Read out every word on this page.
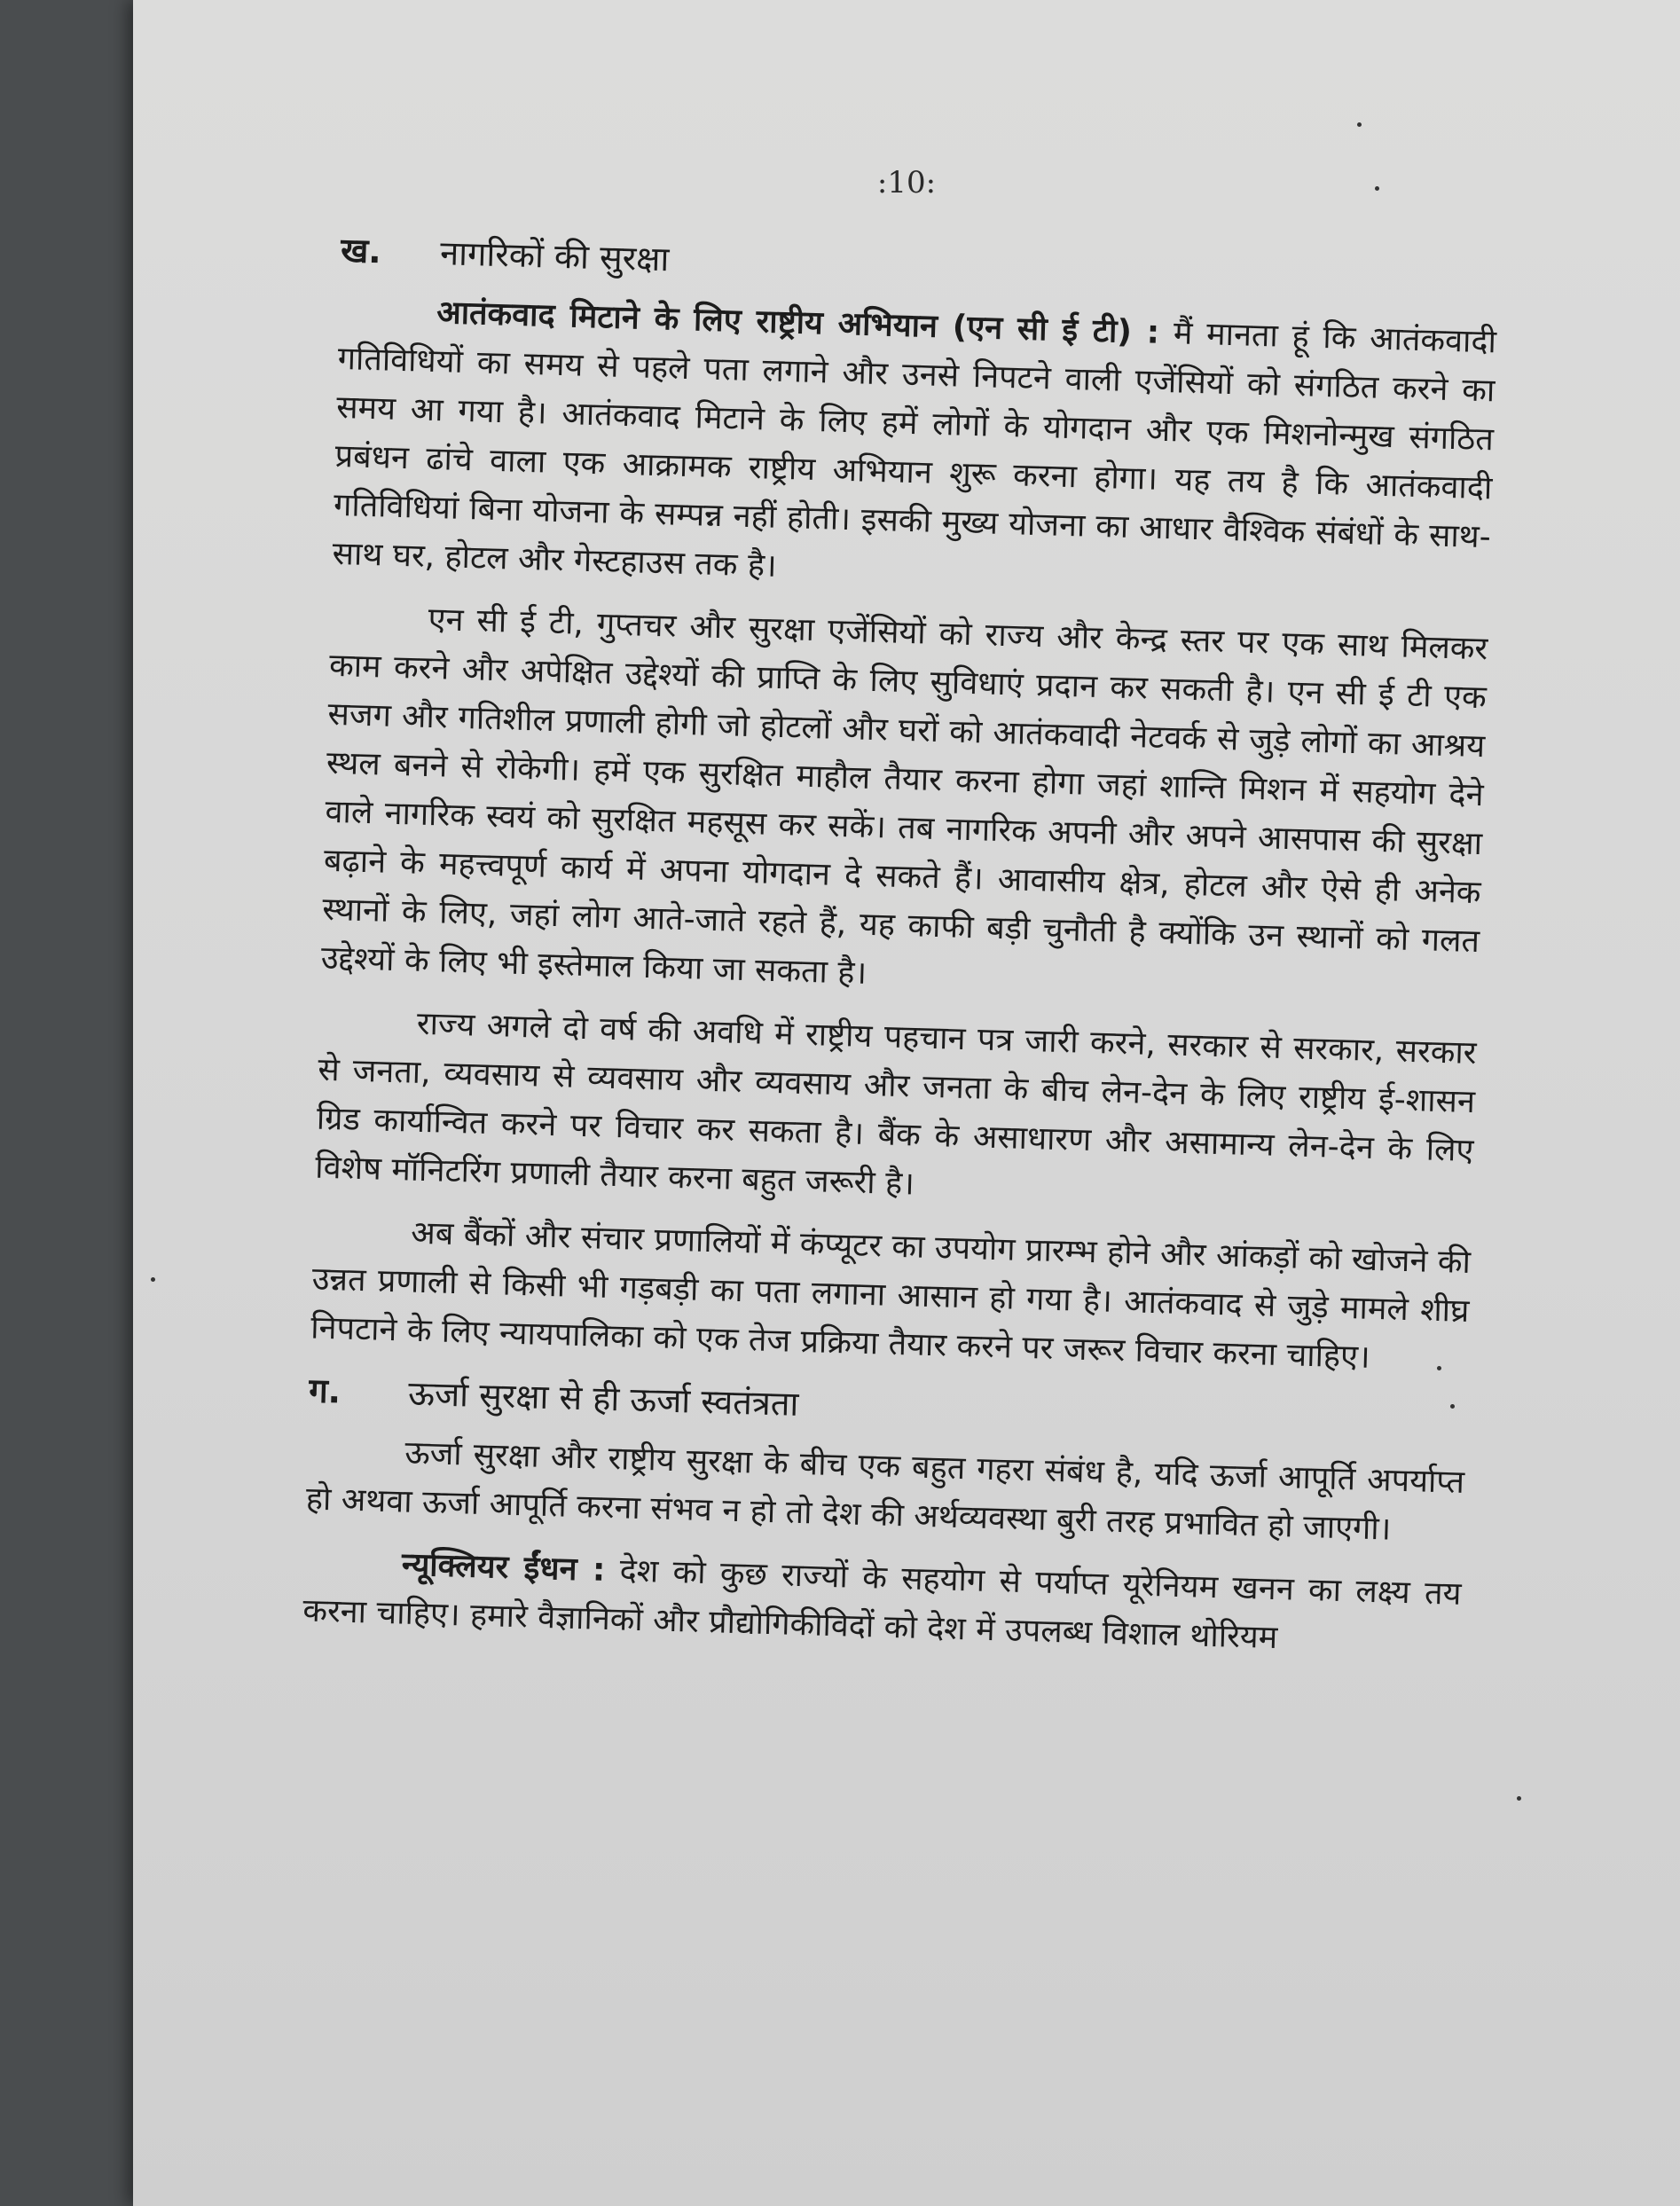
:10:
ख.	नागरिकों की सुरक्षा

आतंकवाद मिटाने के लिए राष्ट्रीय अभियान (एन सी ई टी) : मैं मानता हूं कि आतंकवादी गतिविधियों का समय से पहले पता लगाने और उनसे निपटने वाली एजेंसियों को संगठित करने का समय आ गया है। आतंकवाद मिटाने के लिए हमें लोगों के योगदान और एक मिशनोन्मुख संगठित प्रबंधन ढांचे वाला एक आक्रामक राष्ट्रीय अभियान शुरू करना होगा। यह तय है कि आतंकवादी गतिविधियां बिना योजना के सम्पन्न नहीं होती। इसकी मुख्य योजना का आधार वैश्विक संबंधों के साथ-साथ घर, होटल और गेस्टहाउस तक है।

एन सी ई टी, गुप्तचर और सुरक्षा एजेंसियों को राज्य और केन्द्र स्तर पर एक साथ मिलकर काम करने और अपेक्षित उद्देश्यों की प्राप्ति के लिए सुविधाएं प्रदान कर सकती है। एन सी ई टी एक सजग और गतिशील प्रणाली होगी जो होटलों और घरों को आतंकवादी नेटवर्क से जुड़े लोगों का आश्रय स्थल बनने से रोकेगी। हमें एक सुरक्षित माहौल तैयार करना होगा जहां शान्ति मिशन में सहयोग देने वाले नागरिक स्वयं को सुरक्षित महसूस कर सकें। तब नागरिक अपनी और अपने आसपास की सुरक्षा बढ़ाने के महत्त्वपूर्ण कार्य में अपना योगदान दे सकते हैं। आवासीय क्षेत्र, होटल और ऐसे ही अनेक स्थानों के लिए, जहां लोग आते-जाते रहते हैं, यह काफी बड़ी चुनौती है क्योंकि उन स्थानों को गलत उद्देश्यों के लिए भी इस्तेमाल किया जा सकता है।

राज्य अगले दो वर्ष की अवधि में राष्ट्रीय पहचान पत्र जारी करने, सरकार से सरकार, सरकार से जनता, व्यवसाय से व्यवसाय और व्यवसाय और जनता के बीच लेन-देन के लिए राष्ट्रीय ई-शासन ग्रिड कार्यान्वित करने पर विचार कर सकता है। बैंक के असाधारण और असामान्य लेन-देन के लिए विशेष मॉनिटरिंग प्रणाली तैयार करना बहुत जरूरी है।

अब बैंकों और संचार प्रणालियों में कंप्यूटर का उपयोग प्रारम्भ होने और आंकड़ों को खोजने की उन्नत प्रणाली से किसी भी गड़बड़ी का पता लगाना आसान हो गया है। आतंकवाद से जुड़े मामले शीघ्र निपटाने के लिए न्यायपालिका को एक तेज प्रक्रिया तैयार करने पर जरूर विचार करना चाहिए।

ग.	ऊर्जा सुरक्षा से ही ऊर्जा स्वतंत्रता

ऊर्जा सुरक्षा और राष्ट्रीय सुरक्षा के बीच एक बहुत गहरा संबंध है, यदि ऊर्जा आपूर्ति अपर्याप्त हो अथवा ऊर्जा आपूर्ति करना संभव न हो तो देश की अर्थव्यवस्था बुरी तरह प्रभावित हो जाएगी।

न्यूक्लियर ईंधन : देश को कुछ राज्यों के सहयोग से पर्याप्त यूरेनियम खनन का लक्ष्य तय करना चाहिए। हमारे वैज्ञानिकों और प्रौद्योगिकीविदों को देश में उपलब्ध विशाल थोरियम
